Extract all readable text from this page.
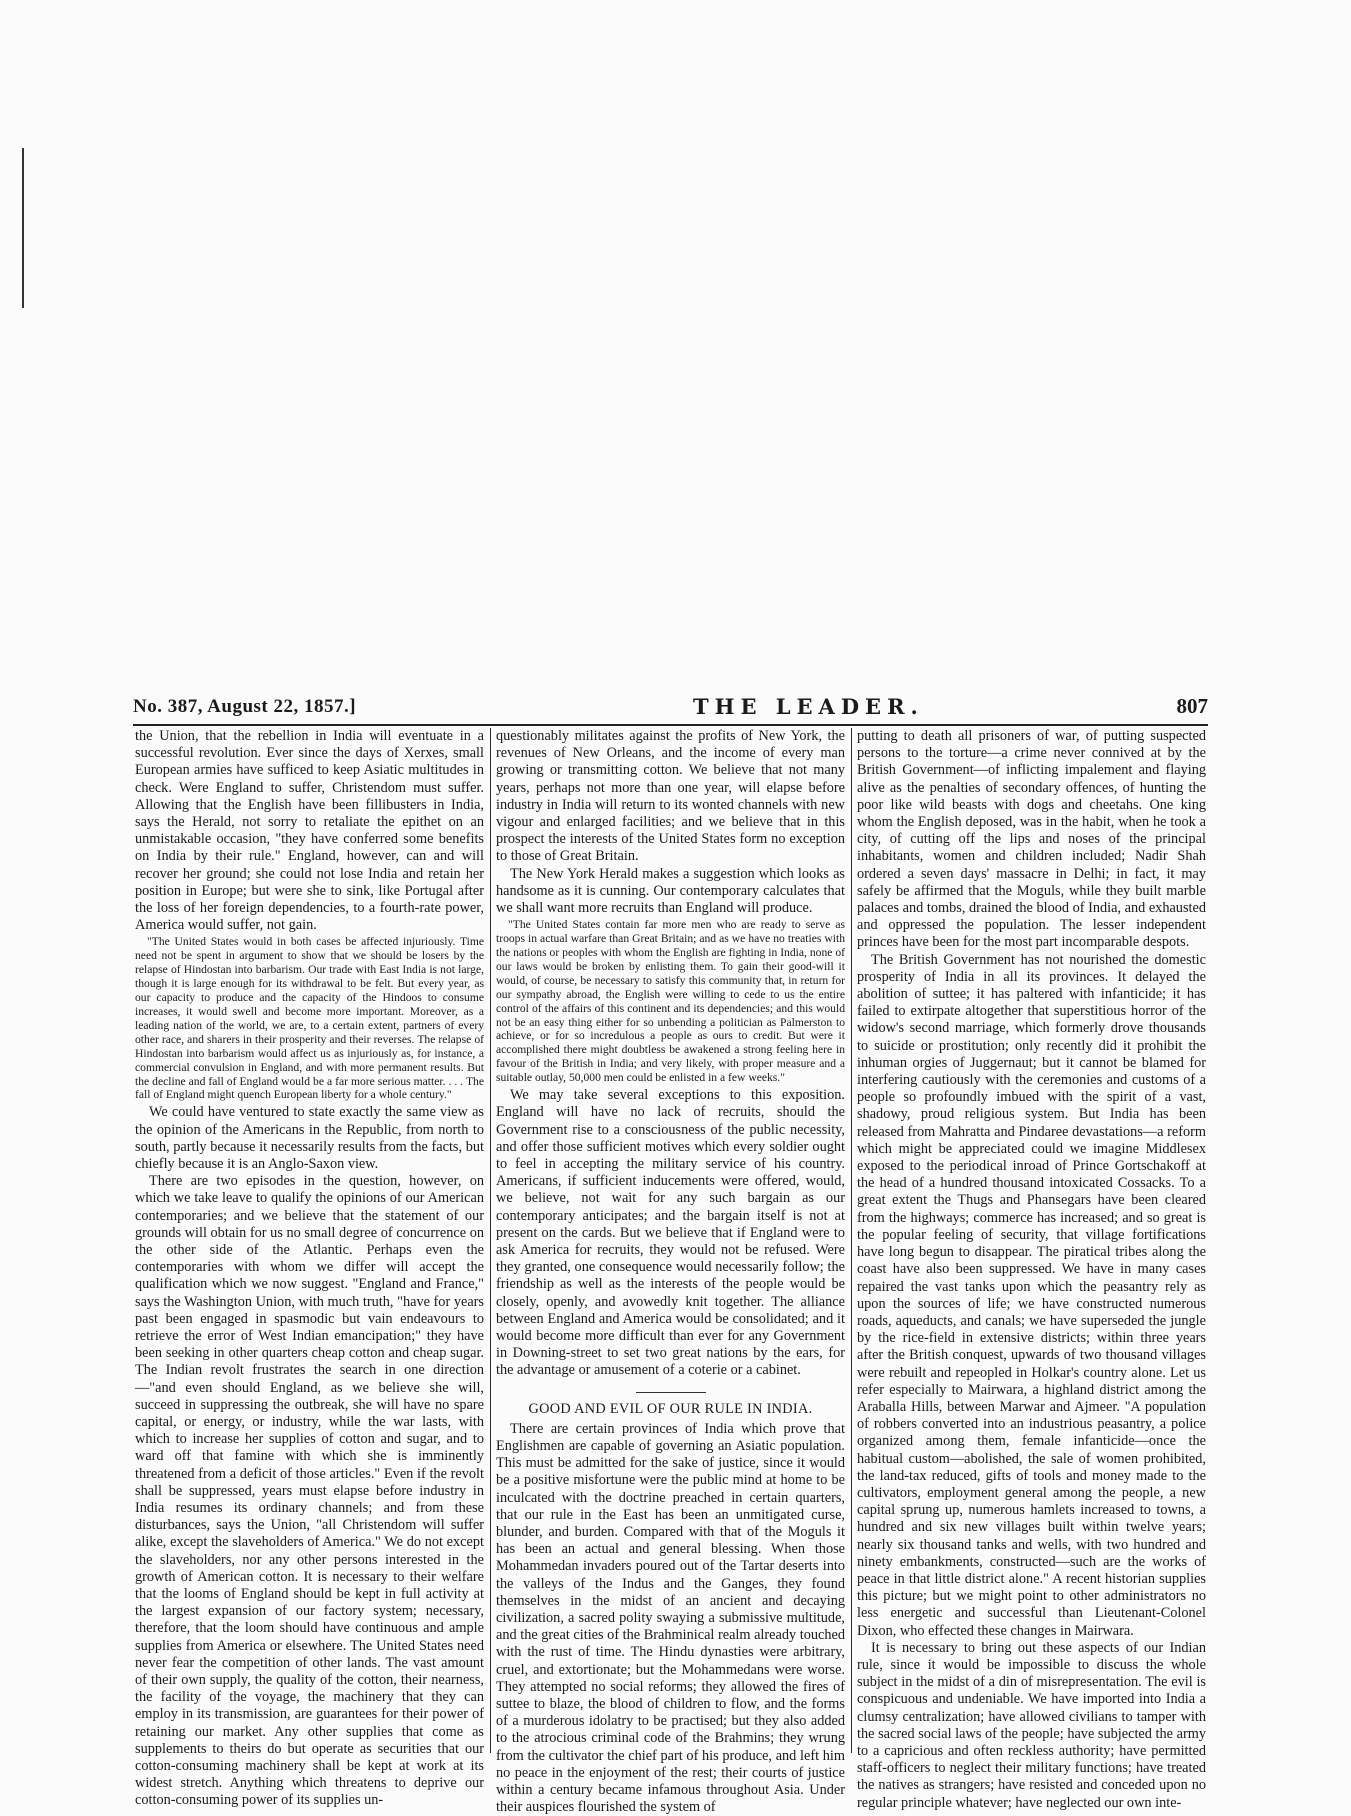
No. 387, August 22, 1857.]	THE LEADER.	807

the Union, that the rebellion in India will eventuate in a successful revolution. Ever since the days of Xerxes, small European armies have sufficed to keep Asiatic multitudes in check. Were England to suffer, Christendom must suffer. Allowing that the English have been fillibusters in India, says the Herald, not sorry to retaliate the epithet on an unmistakable occasion, "they have conferred some benefits on India by their rule." England, however, can and will recover her ground; she could not lose India and retain her position in Europe; but were she to sink, like Portugal after the loss of her foreign dependencies, to a fourth-rate power, America would suffer, not gain.

"The United States would in both cases be affected injuriously. Time need not be spent in argument to show that we should be losers by the relapse of Hindostan into barbarism. Our trade with East India is not large, though it is large enough for its withdrawal to be felt. But every year, as our capacity to produce and the capacity of the Hindoos to consume increases, it would swell and become more important. Moreover, as a leading nation of the world, we are, to a certain extent, partners of every other race, and sharers in their prosperity and their reverses. The relapse of Hindostan into barbarism would affect us as injuriously as, for instance, a commercial convulsion in England, and with more permanent results. But the decline and fall of England would be a far more serious matter. . . . The fall of England might quench European liberty for a whole century."

We could have ventured to state exactly the same view as the opinion of the Americans in the Republic, from north to south, partly because it necessarily results from the facts, but chiefly because it is an Anglo-Saxon view.

There are two episodes in the question, however, on which we take leave to qualify the opinions of our American contemporaries; and we believe that the statement of our grounds will obtain for us no small degree of concurrence on the other side of the Atlantic. Perhaps even the contemporaries with whom we differ will accept the qualification which we now suggest. "England and France," says the Washington Union, with much truth, "have for years past been engaged in spasmodic but vain endeavours to retrieve the error of West Indian emancipation;" they have been seeking in other quarters cheap cotton and cheap sugar. The Indian revolt frustrates the search in one direction—"and even should England, as we believe she will, succeed in suppressing the outbreak, she will have no spare capital, or energy, or industry, while the war lasts, with which to increase her supplies of cotton and sugar, and to ward off that famine with which she is imminently threatened from a deficit of those articles." Even if the revolt shall be suppressed, years must elapse before industry in India resumes its ordinary channels; and from these disturbances, says the Union, "all Christendom will suffer alike, except the slaveholders of America." We do not except the slaveholders, nor any other persons interested in the growth of American cotton. It is necessary to their welfare that the looms of England should be kept in full activity at the largest expansion of our factory system; necessary, therefore, that the loom should have continuous and ample supplies from America or elsewhere. The United States need never fear the competition of other lands. The vast amount of their own supply, the quality of the cotton, their nearness, the facility of the voyage, the machinery that they can employ in its transmission, are guarantees for their power of retaining our market. Any other supplies that come as supplements to theirs do but operate as securities that our cotton-consuming machinery shall be kept at work at its widest stretch. Anything which threatens to deprive our cotton-consuming power of its supplies un-

questionably militates against the profits of New York, the revenues of New Orleans, and the income of every man growing or transmitting cotton. We believe that not many years, perhaps not more than one year, will elapse before industry in India will return to its wonted channels with new vigour and enlarged facilities; and we believe that in this prospect the interests of the United States form no exception to those of Great Britain.

The New York Herald makes a suggestion which looks as handsome as it is cunning. Our contemporary calculates that we shall want more recruits than England will produce.

"The United States contain far more men who are ready to serve as troops in actual warfare than Great Britain; and as we have no treaties with the nations or peoples with whom the English are fighting in India, none of our laws would be broken by enlisting them. To gain their good-will it would, of course, be necessary to satisfy this community that, in return for our sympathy abroad, the English were willing to cede to us the entire control of the affairs of this continent and its dependencies; and this would not be an easy thing either for so unbending a politician as Palmerston to achieve, or for so incredulous a people as ours to credit. But were it accomplished there might doubtless be awakened a strong feeling here in favour of the British in India; and very likely, with proper measure and a suitable outlay, 50,000 men could be enlisted in a few weeks."

We may take several exceptions to this exposition. England will have no lack of recruits, should the Government rise to a consciousness of the public necessity, and offer those sufficient motives which every soldier ought to feel in accepting the military service of his country. Americans, if sufficient inducements were offered, would, we believe, not wait for any such bargain as our contemporary anticipates; and the bargain itself is not at present on the cards. But we believe that if England were to ask America for recruits, they would not be refused. Were they granted, one consequence would necessarily follow; the friendship as well as the interests of the people would be closely, openly, and avowedly knit together. The alliance between England and America would be consolidated; and it would become more difficult than ever for any Government in Downing-street to set two great nations by the ears, for the advantage or amusement of a coterie or a cabinet.

GOOD AND EVIL OF OUR RULE IN INDIA.

There are certain provinces of India which prove that Englishmen are capable of governing an Asiatic population. This must be admitted for the sake of justice, since it would be a positive misfortune were the public mind at home to be inculcated with the doctrine preached in certain quarters, that our rule in the East has been an unmitigated curse, blunder, and burden. Compared with that of the Moguls it has been an actual and general blessing. When those Mohammedan invaders poured out of the Tartar deserts into the valleys of the Indus and the Ganges, they found themselves in the midst of an ancient and decaying civilization, a sacred polity swaying a submissive multitude, and the great cities of the Brahminical realm already touched with the rust of time. The Hindu dynasties were arbitrary, cruel, and extortionate; but the Mohammedans were worse. They attempted no social reforms; they allowed the fires of suttee to blaze, the blood of children to flow, and the forms of a murderous idolatry to be practised; but they also added to the atrocious criminal code of the Brahmins; they wrung from the cultivator the chief part of his produce, and left him no peace in the enjoyment of the rest; their courts of justice within a century became infamous throughout Asia. Under their auspices flourished the system of

putting to death all prisoners of war, of putting suspected persons to the torture—a crime never connived at by the British Government—of inflicting impalement and flaying alive as the penalties of secondary offences, of hunting the poor like wild beasts with dogs and cheetahs. One king whom the English deposed, was in the habit, when he took a city, of cutting off the lips and noses of the principal inhabitants, women and children included; Nadir Shah ordered a seven days' massacre in Delhi; in fact, it may safely be affirmed that the Moguls, while they built marble palaces and tombs, drained the blood of India, and exhausted and oppressed the population. The lesser independent princes have been for the most part incomparable despots.

The British Government has not nourished the domestic prosperity of India in all its provinces. It delayed the abolition of suttee; it has paltered with infanticide; it has failed to extirpate altogether that superstitious horror of the widow's second marriage, which formerly drove thousands to suicide or prostitution; only recently did it prohibit the inhuman orgies of Juggernaut; but it cannot be blamed for interfering cautiously with the ceremonies and customs of a people so profoundly imbued with the spirit of a vast, shadowy, proud religious system. But India has been released from Mahratta and Pindaree devastations—a reform which might be appreciated could we imagine Middlesex exposed to the periodical inroad of Prince Gortschakoff at the head of a hundred thousand intoxicated Cossacks. To a great extent the Thugs and Phansegars have been cleared from the highways; commerce has increased; and so great is the popular feeling of security, that village fortifications have long begun to disappear. The piratical tribes along the coast have also been suppressed. We have in many cases repaired the vast tanks upon which the peasantry rely as upon the sources of life; we have constructed numerous roads, aqueducts, and canals; we have superseded the jungle by the rice-field in extensive districts; within three years after the British conquest, upwards of two thousand villages were rebuilt and repeopled in Holkar's country alone. Let us refer especially to Mairwara, a highland district among the Araballa Hills, between Marwar and Ajmeer. "A population of robbers converted into an industrious peasantry, a police organized among them, female infanticide—once the habitual custom—abolished, the sale of women prohibited, the land-tax reduced, gifts of tools and money made to the cultivators, employment general among the people, a new capital sprung up, numerous hamlets increased to towns, a hundred and six new villages built within twelve years; nearly six thousand tanks and wells, with two hundred and ninety embankments, constructed—such are the works of peace in that little district alone." A recent historian supplies this picture; but we might point to other administrators no less energetic and successful than Lieutenant-Colonel Dixon, who effected these changes in Mairwara.

It is necessary to bring out these aspects of our Indian rule, since it would be impossible to discuss the whole subject in the midst of a din of misrepresentation. The evil is conspicuous and undeniable. We have imported into India a clumsy centralization; have allowed civilians to tamper with the sacred social laws of the people; have subjected the army to a capricious and often reckless authority; have permitted staff-officers to neglect their military functions; have treated the natives as strangers; have resisted and conceded upon no regular principle whatever; have neglected our own inte-
